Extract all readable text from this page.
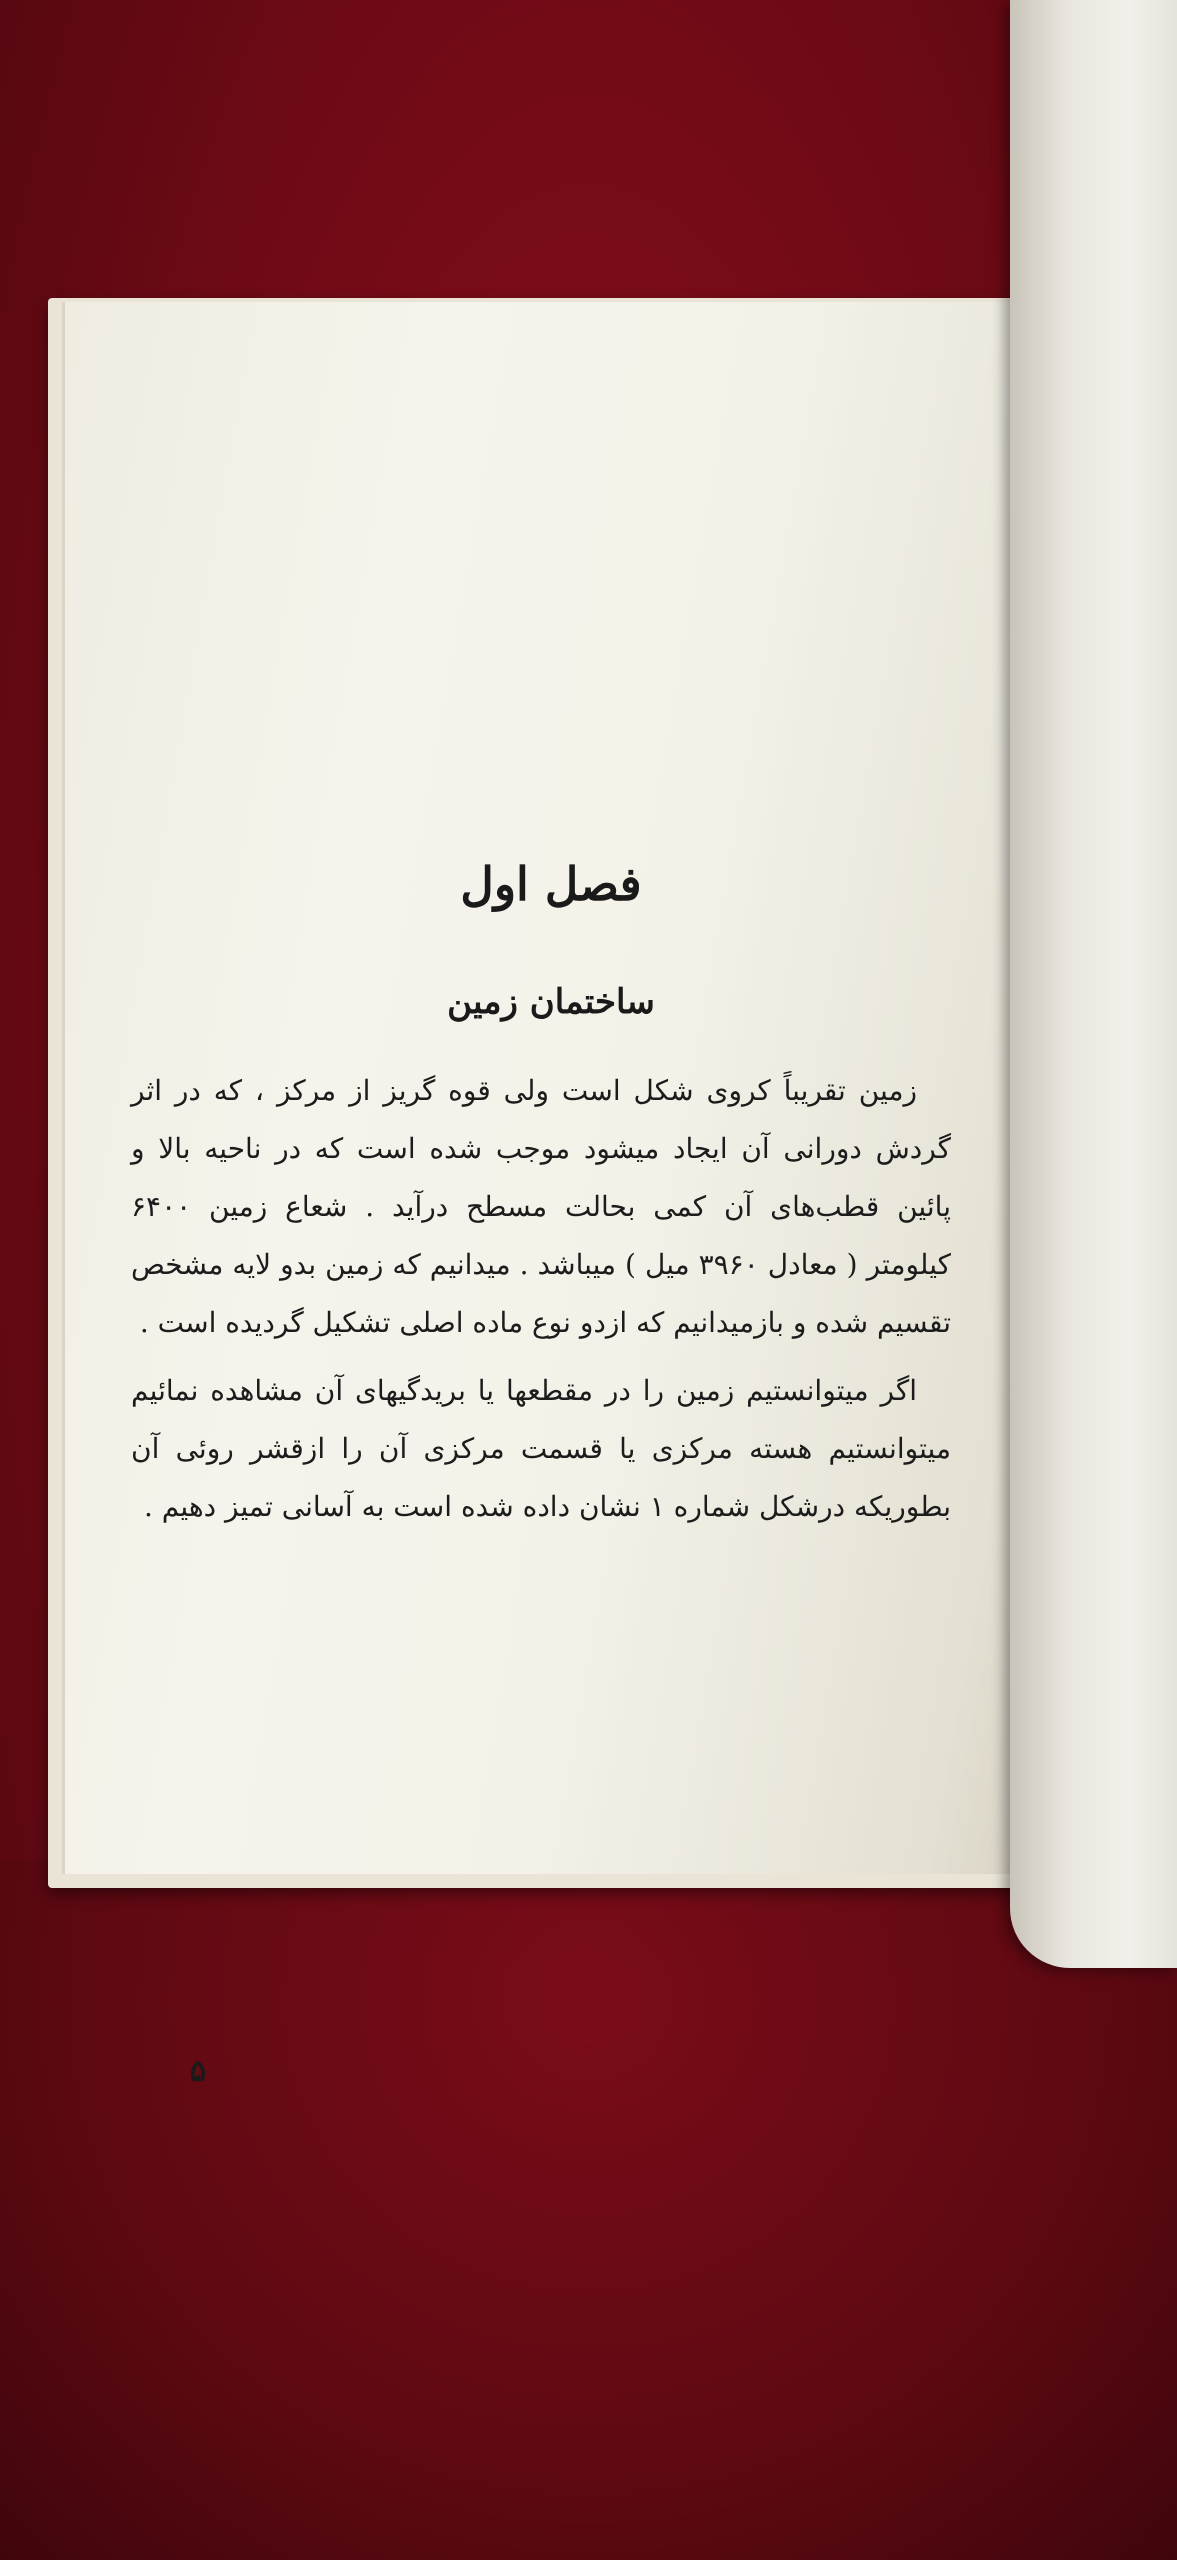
فصل اول
ساختمان زمین

زمین تقریباً کروی شکل است ولی قوه گریز از مرکز ، که در اثر گردش دورانی آن ایجاد میشود موجب شده است که در ناحیه بالا و پائین قطب‌های آن کمی بحالت مسطح درآید . شعاع زمین ۶۴۰۰ کیلومتر ( معادل ۳۹۶۰ میل ) میباشد . میدانیم که زمین بدو لایه مشخص تقسیم شده و بازمیدانیم که ازدو نوع ماده اصلی تشکیل گردیده است .

اگر میتوانستیم زمین را در مقطعها یا بریدگیهای آن مشاهده نمائیم میتوانستیم هسته مرکزی یا قسمت مرکزی آن را ازقشر روئی آن بطوریکه درشکل شماره ۱ نشان داده شده است به آسانی تمیز دهیم .

۵
